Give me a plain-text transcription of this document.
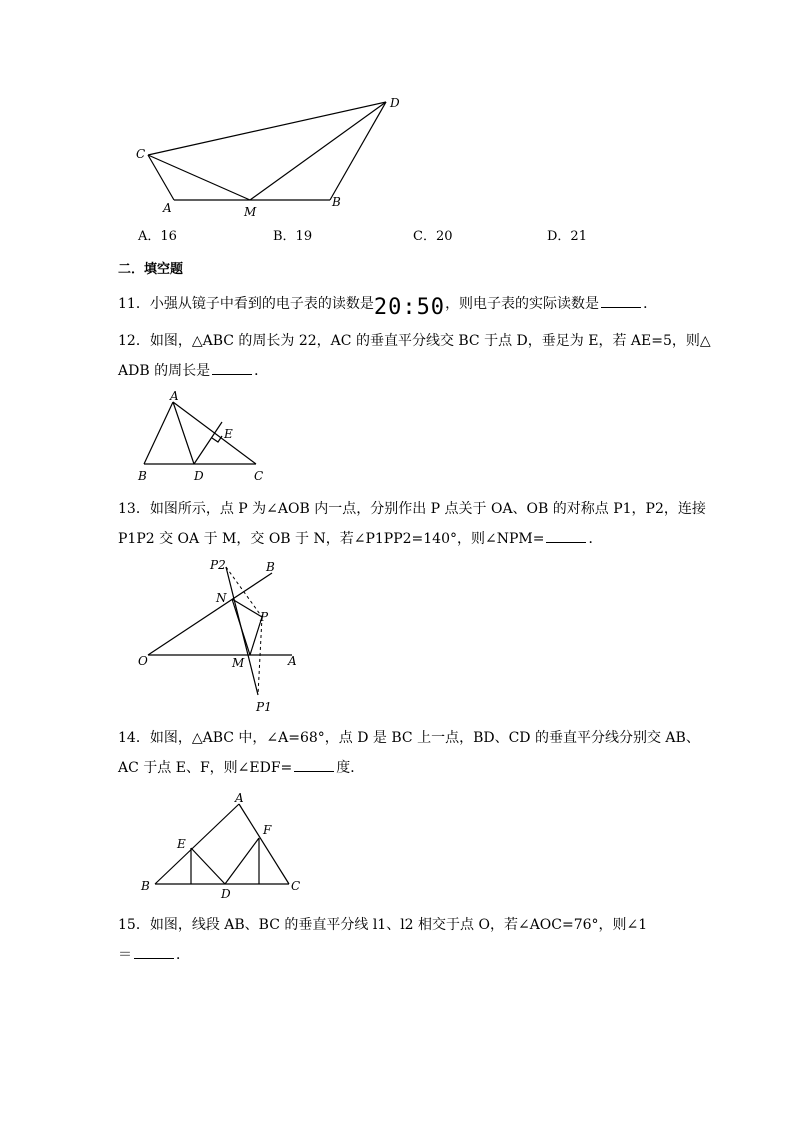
D
C
A	M
B
A．16	B．19	C．20	D．21
二．填空题
11．小强从镜子中看到的电子表的读数是20:50，则电子表的实际读数是	．
12．如图，△ABC 的周长为 22，AC 的垂直平分线交 BC 于点 D，垂足为 E，若 AE=5，则△
ADB 的周长是	．
A
E
B	D	C
13．如图所示，点 P 为∠AOB 内一点，分别作出 P 点关于 OA、OB 的对称点 P1，P2，连接
P1P2 交 OA 于 M，交 OB 于 N，若∠P1PP2=140°，则∠NPM=	．
P2	B
N
P
O	M	A
P1
14．如图，△ABC 中，∠A=68°，点 D 是 BC 上一点，BD、CD 的垂直平分线分别交 AB、
AC 于点 E、F，则∠EDF=	度．
A
F
E
B
D
C
15．如图，线段 AB、BC 的垂直平分线 l1、l2 相交于点 O，若∠AOC=76°，则∠1
＝	．
